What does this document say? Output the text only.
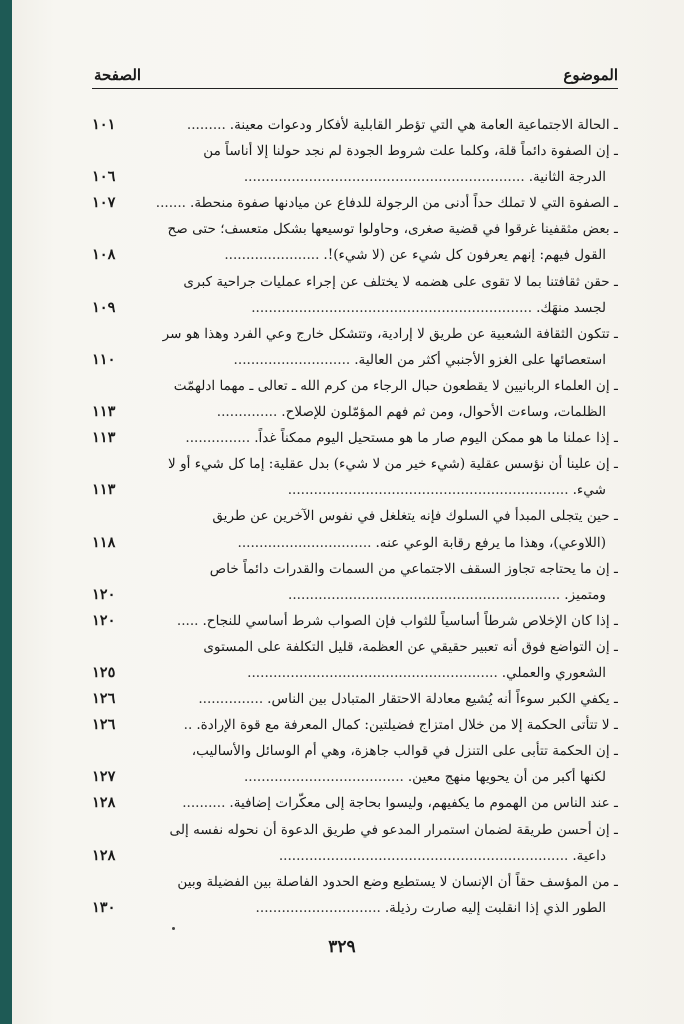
الموضوع
الصفحة
ـ الحالة الاجتماعية العامة هي التي تؤطر القابلية لأفكار ودعوات معينة..........
١٠١
ـ إن الصفوة دائماً قلة، وكلما علت شروط الجودة لم نجد حولنا إلا أناساً من
الدرجة الثانية..................................................................
١٠٦
ـ الصفوة التي لا تملك حداً أدنى من الرجولة للدفاع عن ميادنها صفوة منحطة........
١٠٧
ـ بعض مثقفينا غرقوا في قضية صغرى، وحاولوا توسيعها بشكل متعسف؛ حتى صح
القول فيهم: إنهم يعرفون كل شيء عن (لا شيء)!.......................
١٠٨
ـ حقن ثقافتنا بما لا تقوى على هضمه لا يختلف عن إجراء عمليات جراحية كبرى
لجسد منهَك..................................................................
١٠٩
ـ تتكون الثقافة الشعبية عن طريق لا إرادية، وتتشكل خارج وعي الفرد وهذا هو سر
استعصائها على الغزو الأجنبي أكثر من العالية............................
١١٠
ـ إن العلماء الربانيين لا يقطعون حبال الرجاء من كرم الله ـ تعالى ـ مهما ادلهمّت
الظلمات، وساءت الأحوال، ومن ثم فهم المؤمّلون للإصلاح...............
١١٣
ـ إذا عملنا ما هو ممكن اليوم صار ما هو مستحيل اليوم ممكناً غداً................
١١٣
ـ إن علينا أن نؤسس عقلية (شيء خير من لا شيء) بدل عقلية: إما كل شيء أو لا
شيء..................................................................
١١٣
ـ حين يتجلى المبدأ في السلوك فإنه يتغلغل في نفوس الآخرين عن طريق
(اللاوعي)، وهذا ما يرفع رقابة الوعي عنه................................
١١٨
ـ إن ما يحتاجه تجاوز السقف الاجتماعي من السمات والقدرات دائماً خاص
ومتميز................................................................
١٢٠
ـ إذا كان الإخلاص شرطاً أساسياً للثواب فإن الصواب شرط أساسي للنجاح......
١٢٠
ـ إن التواضع فوق أنه تعبير حقيقي عن العظمة، قليل التكلفة على المستوى
الشعوري والعملي...........................................................
١٢٥
ـ يكفي الكبر سوءاً أنه يُشيع معادلة الاحتقار المتبادل بين الناس................
١٢٦
ـ لا تتأتى الحكمة إلا من خلال امتزاج فضيلتين: كمال المعرفة مع قوة الإرادة...
١٢٦
ـ إن الحكمة تتأبى على التنزل في قوالب جاهزة، وهي أم الوسائل والأساليب،
لكنها أكبر من أن يحويها منهج معين......................................
١٢٧
ـ عند الناس من الهموم ما يكفيهم، وليسوا بحاجة إلى معكّرات إضافية...........
١٢٨
ـ إن أحسن طريقة لضمان استمرار المدعو في طريق الدعوة أن نحوله نفسه إلى
داعية....................................................................
١٢٨
ـ من المؤسف حقاً أن الإنسان لا يستطيع وضع الحدود الفاصلة بين الفضيلة وبين
الطور الذي إذا انقلبت إليه صارت رذيلة..............................
١٣٠
٣٢٩
